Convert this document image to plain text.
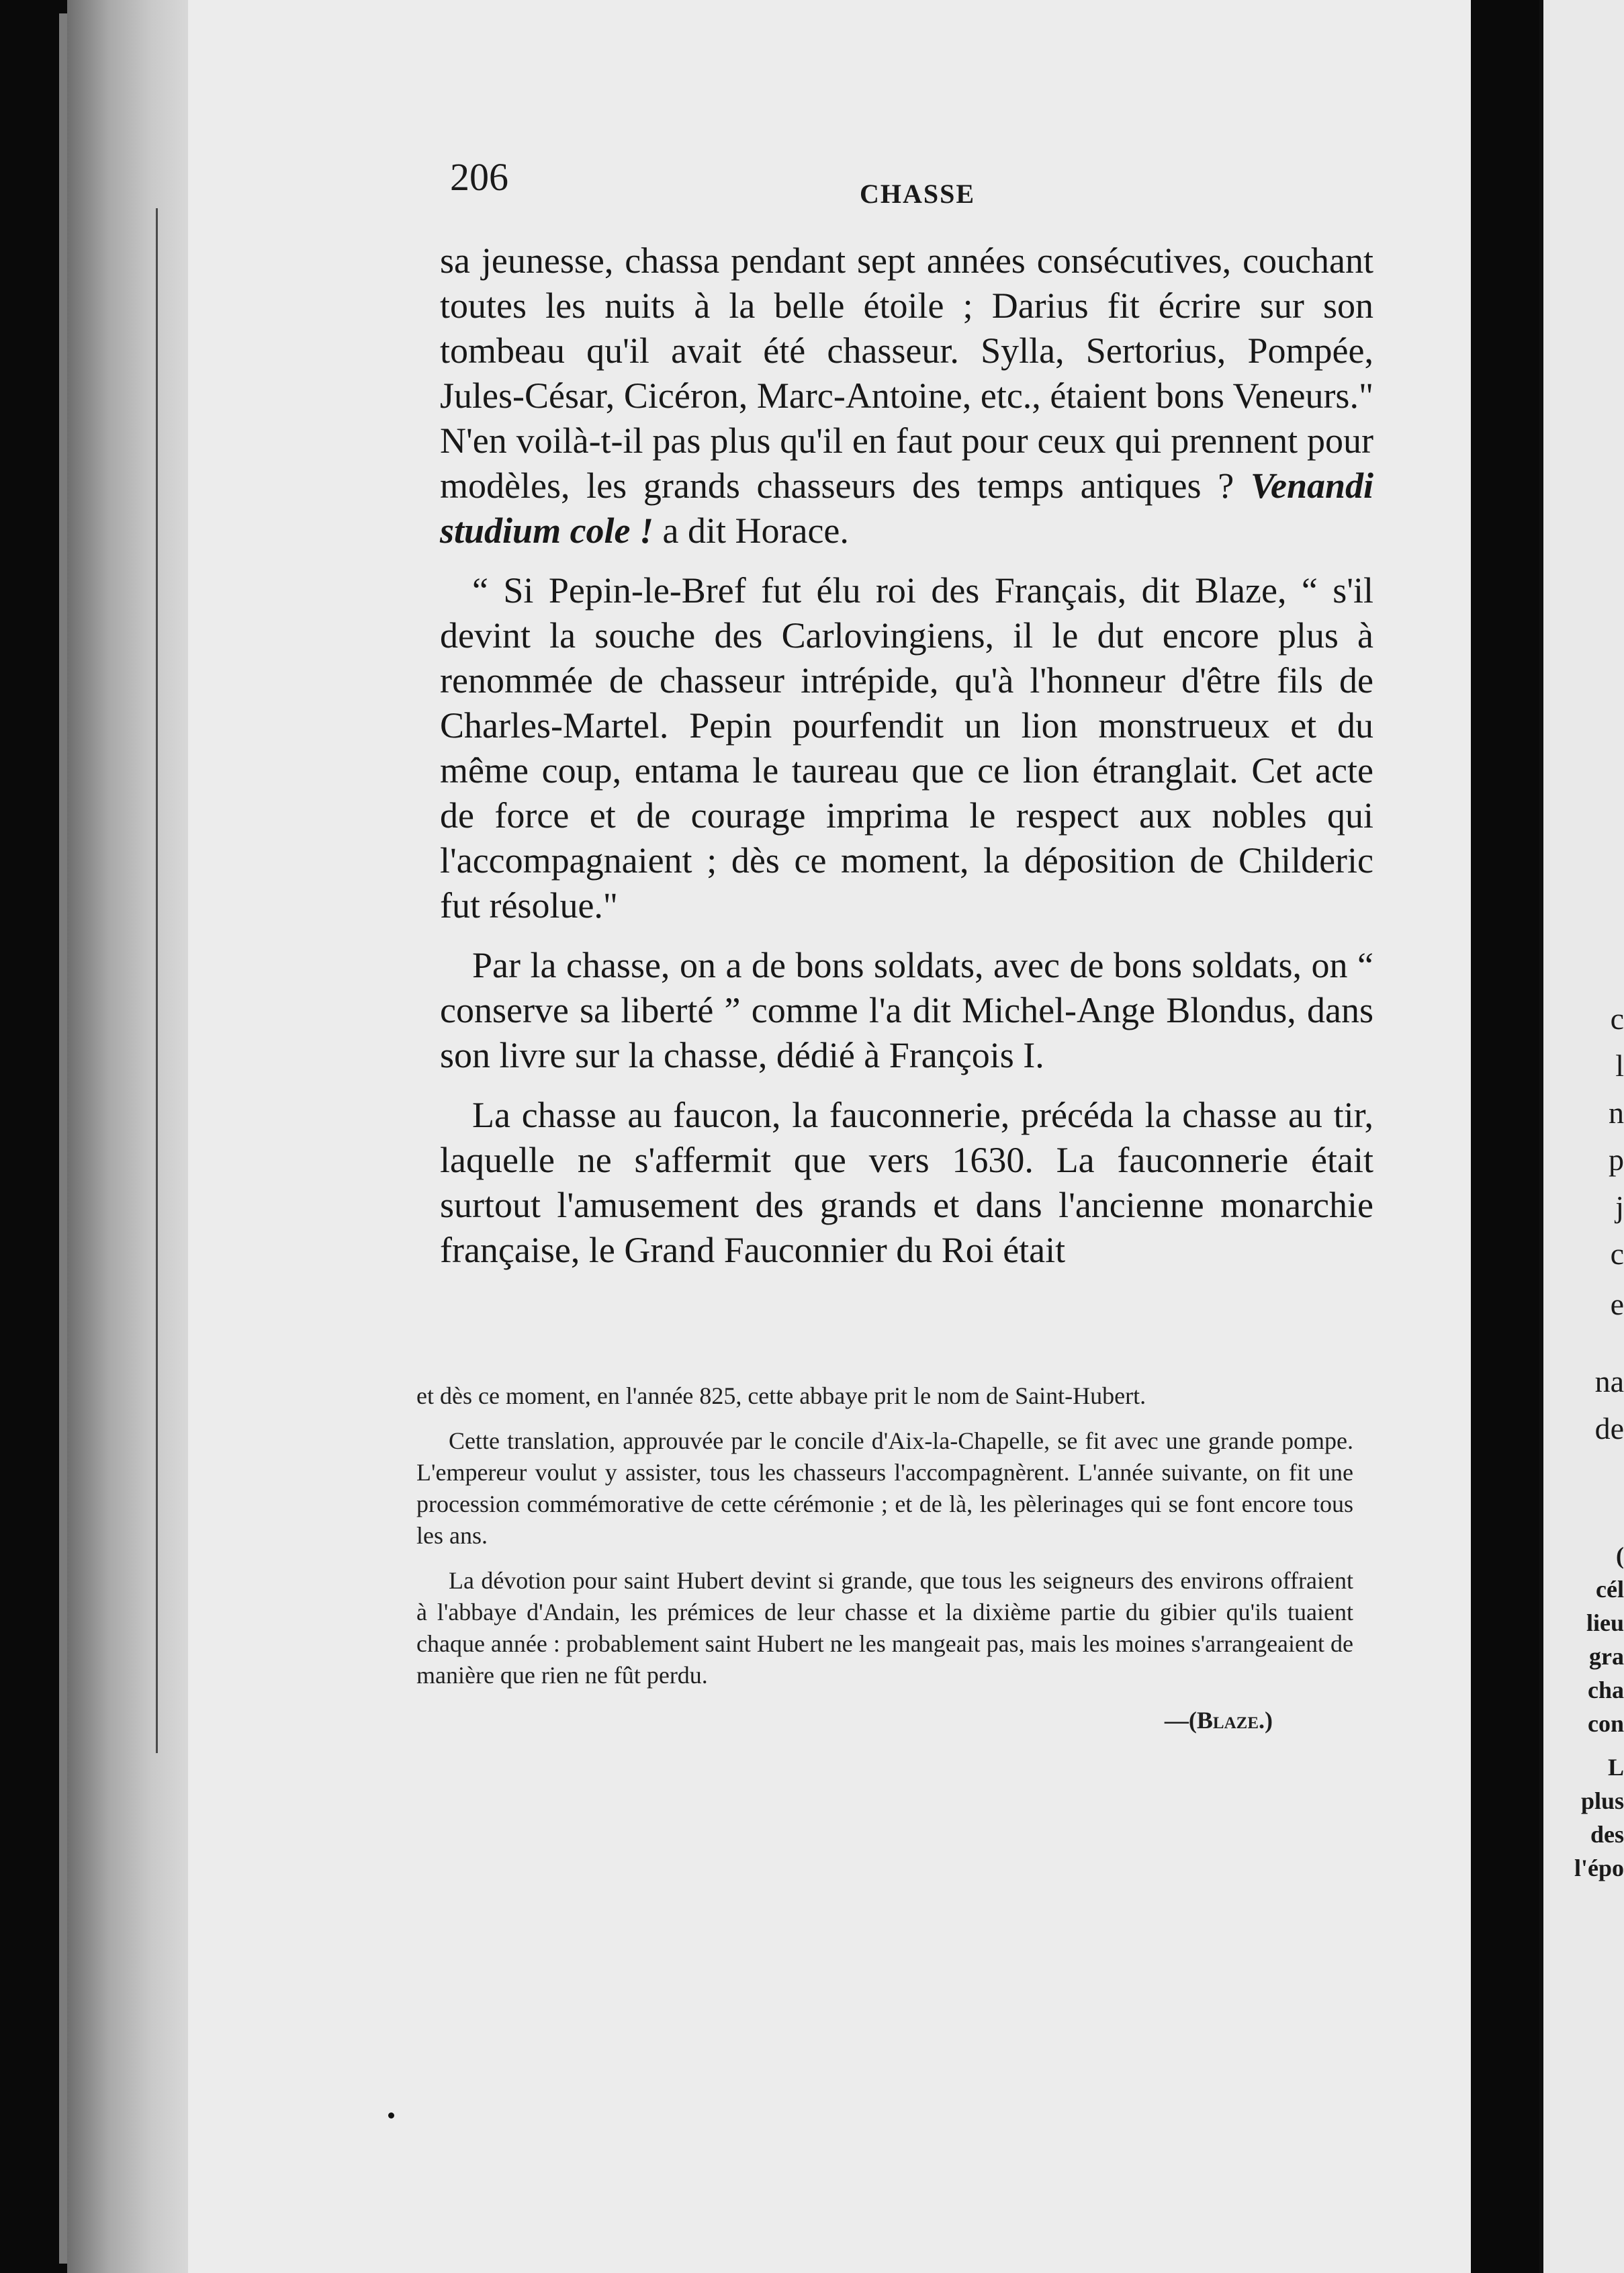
c
l
n
p
j
c
e
na
de
(
cél
lieu
gra
cha
con
L
plus
des
l'épo
206	CHASSE

sa jeunesse, chassa pendant sept années consécutives, couchant toutes les nuits à la belle étoile ; Darius fit écrire sur son tombeau qu'il avait été chasseur. Sylla, Sertorius, Pompée, Jules-César, Cicéron, Marc-Antoine, etc., étaient bons Veneurs." N'en voilà-t-il pas plus qu'il en faut pour ceux qui prennent pour modèles, les grands chasseurs des temps antiques ? Venandi studium cole ! a dit Horace.

“ Si Pepin-le-Bref fut élu roi des Français, dit Blaze, “ s'il devint la souche des Carlovingiens, il le dut encore plus à renommée de chasseur intrépide, qu'à l'honneur d'être fils de Charles-Martel. Pepin pourfendit un lion monstrueux et du même coup, entama le taureau que ce lion étranglait. Cet acte de force et de courage imprima le respect aux nobles qui l'accompagnaient ; dès ce moment, la déposition de Childeric fut résolue."

Par la chasse, on a de bons soldats, avec de bons soldats, on “ conserve sa liberté ” comme l'a dit Michel-Ange Blondus, dans son livre sur la chasse, dédié à François I.

La chasse au faucon, la fauconnerie, précéda la chasse au tir, laquelle ne s'affermit que vers 1630. La fauconnerie était surtout l'amusement des grands et dans l'ancienne monarchie française, le Grand Fauconnier du Roi était

et dès ce moment, en l'année 825, cette abbaye prit le nom de Saint-Hubert.

Cette translation, approuvée par le concile d'Aix-la-Chapelle, se fit avec une grande pompe. L'empereur voulut y assister, tous les chasseurs l'accompagnèrent. L'année suivante, on fit une procession commémorative de cette cérémonie ; et de là, les pèlerinages qui se font encore tous les ans.

La dévotion pour saint Hubert devint si grande, que tous les seigneurs des environs offraient à l'abbaye d'Andain, les prémices de leur chasse et la dixième partie du gibier qu'ils tuaient chaque année : probablement saint Hubert ne les mangeait pas, mais les moines s'arrangeaient de manière que rien ne fût perdu.

—(Blaze.)
